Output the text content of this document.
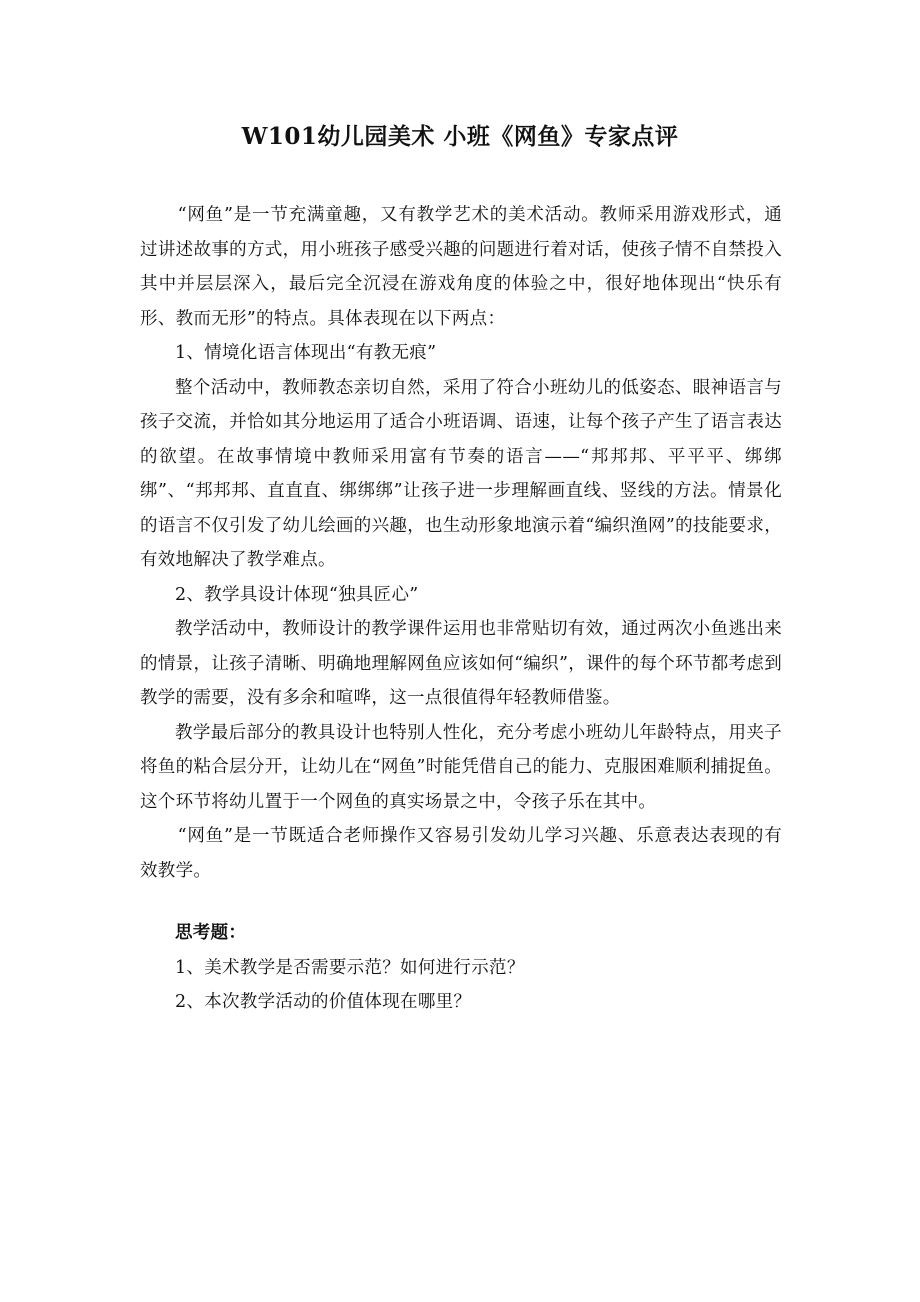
W101幼儿园美术 小班《网鱼》专家点评

“网鱼”是一节充满童趣，又有教学艺术的美术活动。教师采用游戏形式，通过讲述故事的方式，用小班孩子感受兴趣的问题进行着对话，使孩子情不自禁投入其中并层层深入，最后完全沉浸在游戏角度的体验之中，很好地体现出“快乐有形、教而无形”的特点。具体表现在以下两点：

1、情境化语言体现出“有教无痕”

整个活动中，教师教态亲切自然，采用了符合小班幼儿的低姿态、眼神语言与孩子交流，并恰如其分地运用了适合小班语调、语速，让每个孩子产生了语言表达的欲望。在故事情境中教师采用富有节奏的语言——“邦邦邦、平平平、绑绑绑”、“邦邦邦、直直直、绑绑绑”让孩子进一步理解画直线、竖线的方法。情景化的语言不仅引发了幼儿绘画的兴趣，也生动形象地演示着“编织渔网”的技能要求，有效地解决了教学难点。

2、教学具设计体现“独具匠心”

教学活动中，教师设计的教学课件运用也非常贴切有效，通过两次小鱼逃出来的情景，让孩子清晰、明确地理解网鱼应该如何“编织”，课件的每个环节都考虑到教学的需要，没有多余和喧哗，这一点很值得年轻教师借鉴。

教学最后部分的教具设计也特别人性化，充分考虑小班幼儿年龄特点，用夹子将鱼的粘合层分开，让幼儿在“网鱼”时能凭借自己的能力、克服困难顺利捕捉鱼。这个环节将幼儿置于一个网鱼的真实场景之中，令孩子乐在其中。

“网鱼”是一节既适合老师操作又容易引发幼儿学习兴趣、乐意表达表现的有效教学。

思考题：

1、美术教学是否需要示范？如何进行示范？

2、本次教学活动的价值体现在哪里？
